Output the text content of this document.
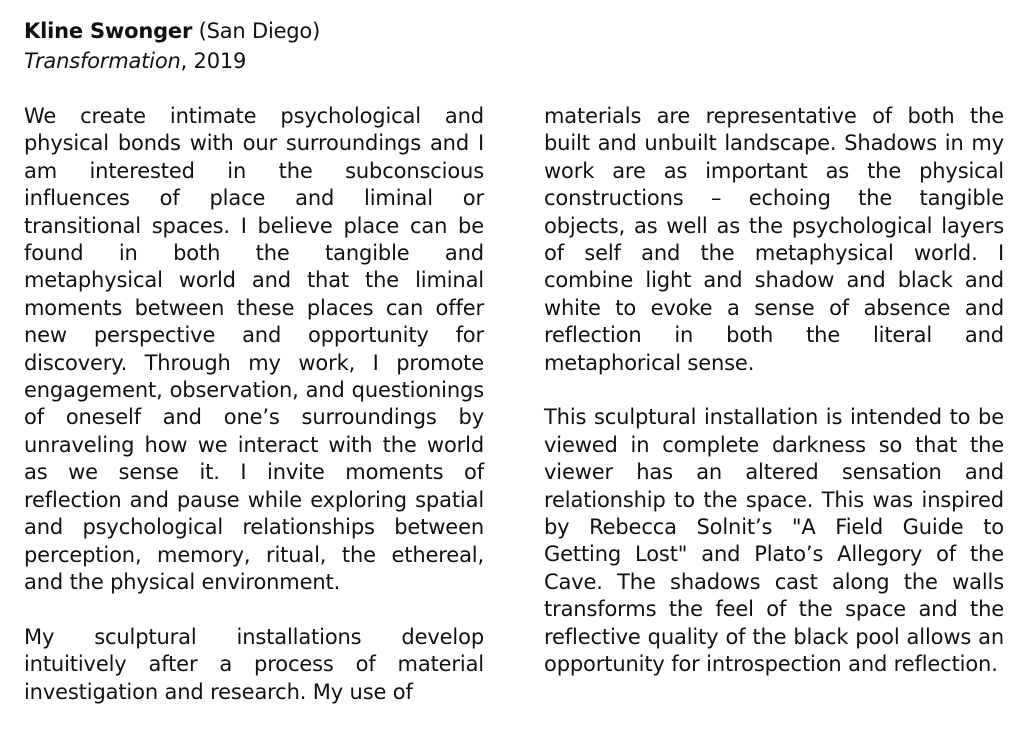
Kline Swonger (San Diego)
Transformation, 2019

We create intimate psychological and physical bonds with our surroundings and I am interested in the subconscious influences of place and liminal or transitional spaces. I believe place can be found in both the tangible and metaphysical world and that the liminal moments between these places can offer new perspective and opportunity for discovery. Through my work, I promote engagement, observation, and questionings of oneself and one’s surroundings by unraveling how we interact with the world as we sense it. I invite moments of reflection and pause while exploring spatial and psychological relationships between perception, memory, ritual, the ethereal, and the physical environment.

My sculptural installations develop intuitively after a process of material investigation and research. My use of

materials are representative of both the built and unbuilt landscape. Shadows in my work are as important as the physical constructions – echoing the tangible objects, as well as the psychological layers of self and the metaphysical world. I combine light and shadow and black and white to evoke a sense of absence and reflection in both the literal and metaphorical sense.

This sculptural installation is intended to be viewed in complete darkness so that the viewer has an altered sensation and relationship to the space. This was inspired by Rebecca Solnit’s "A Field Guide to Getting Lost" and Plato’s Allegory of the Cave. The shadows cast along the walls transforms the feel of the space and the reflective quality of the black pool allows an opportunity for introspection and reflection.
